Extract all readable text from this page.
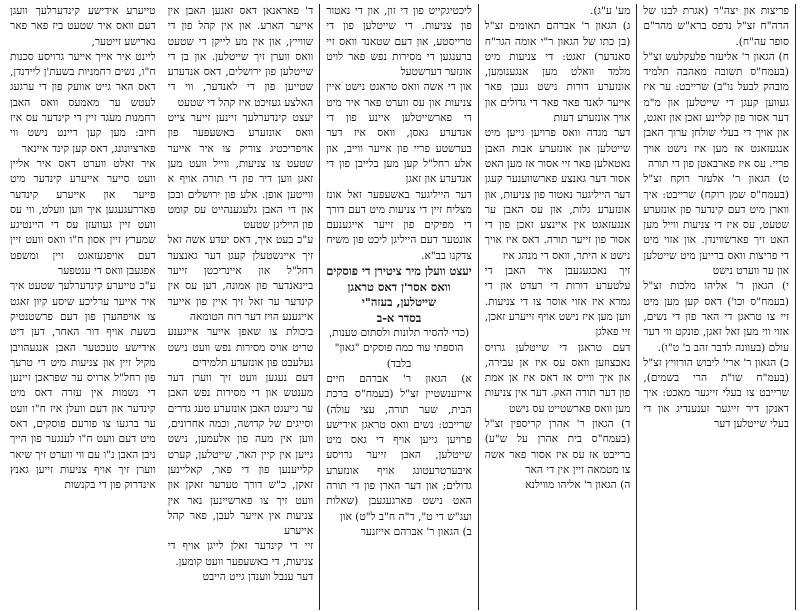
טייערע אידישע קינדערלעך וועגן דעם וואס איר שטעט ביז פאר פאר נארישע זייטער,

ליינט איר אייך אייער גרויסע סכנות ח"ו, נשים רחמניות בשעת'ן ליידנדן, דאס האר גייט אוועק פון די ערגעג לעטש ער מאמעס וואס האבן רחמנות מעגד זיין די קינדער עס איז חיוב: מען קען דיינט נישט ווי פארציונונג, דאס קען קינד איינאר

איר זאלט ווערט דאס איר אליין וועט סייער אייערע קינדער מיט פייער און אייערע קינדער פאררעגעגען איך ווען וועלט, ווי עס וועט זיין געוועזן עס די היינטיגע שמערץ זיין אסון ח"ו וואס וועט זיין דעם אויפגעזאגט זיין ומשפט אפגעבן וואס די ענטפער

ע"כ טייערע קינדערלעך שטעט איך איר אייער ערליכע שיסע קיון זאגט צו אויפהערן פון דעם פרשטנטיק בשעת אויף דור האחר, דען דיט אידישע טעכטער האבן אנגעהויבן מקיל זיין און צניעות מיט די טרעך פון רחל"ל ארויס ער שפראכן זיינען די נשמות אין עזרה דאס מיט קינדער און דעם וועלן איז ח"ו וועט ער ברגעו צו פורעם פוסקים, דאס מיט דעם וועט ח"ו לענגער פון הייך ניבן האבן נ"ו עם ווי ווערט זיך שיאר ווערן זיך אויף צניעות זייען גאנץ אינדרוק פון די בקנשות

ד' פאראנאן דאס זאגען האבן אין אייער הארע. און אין קהל פון די שווייץ, און אין מע לייקן די שטעט וואס ווערן זיך שייטלען. און בן די שייטלען פון ירושלים, דאס אנדערע שטייען פון די לאנדער, ווי די האלצע געזיכט איז קהל די שטעט

יעצט קינדערלעך זיינען זייער צייט וואס אונזערע באשעפער פון אויפריכטיג צוריק צו איר אייער שטעט צו צניעות, ווייל וועט מען זאגן ווען דיר פון די תורה אויף א ווייטען אופן. אלע פון ירושלים ובכן און די האבן גלעגענהייט עס קומט פון הייליגן שטעט

ע"כ בעט איך, דאס יעדע אשה זאל זיך איינשטעלן קעגן דער גאנצער רחל"ל און איינריכטן זייער ביינאנדער פון אמונה, דען עס אין קינדער ער זאל זיך איין פון אייער אייגענע הויז דער רוח הטומאה

ביכולת צו שאפן אייער אייגענע טריט אויס מסירות נפש וועט נישט געלעבט פון אונזערע תלמידים

דעם נעגען וועט זיך ווערן דער מענטש און די מסירות נפש האבן ער גייעגט האבן אונזערע טעג גדרים וסייגים של קדושה, וכמה אחרונים, ווען אין מעה פון אלעמען, נישט גייען אין קיין האר, שייטלען, קערט קלייענען פון די פאר, קאליינען זאקן, כ"ש דורך טערער זאקן און וועט זיך צו פארשיינען נאר אין צניעות אין אייער לעבן, פאר קהל אייערע

זיי די קינדער זאלן לייגן אויף די צניעות, די באשעפער וועט קומען.

דער ענבל ווענדן גייט הייבט

ליכטיגקייט פון די זון, און די נאטור פון צניעות. די שייטלען פון די טרייסטע, און דעם שטאנד וואס זיי ברענגען די מסירות נפש פאר לויט אונזער דערשטעל

און די אשה וואס טראגט נישט איין צניעות און עס ווערט פאר איר מיט די פארשייטלען איינע פון די אנדערע גאסן, וואס איז דער בערשטע פריי פון אייער ווייב, און אלע רחל"ל קען מען בלייבן פון די אנדערע און זאגן

דער הייליגער באשעפער זאל אונז מצליח זיין די צניעות מיט דעם דורך די מפיקים פון זייער אייגענעם אונטער דעם הייליגן ליכט פון משיח צדקנו בב"א.

יעצט וועלן מיר ציטירן די פוסקים וואס אסר'ן דאס טראגן שייטלען, בעזה"י

בסדר א-ב

(כדי להסיר תלונות ולסתום טענות, הוספתי עוד כמה פוסקים "גאון" בלבד)

א) הגאון ר' אברהם חיים אייזענשטיין זצ"ל (בעמח"ס ברכת הבית, שער תורה, עצי עולה) שרייבט: נשים וואס טראגן אידישע פרויען גייען אויף די גאס מיט שייטלען, האבן זייער גרויסע איבערטרעטונג אויף אונזערע גדולים; און דער הארן פון די תורה האט נישט פארגעגעבן (שאלות ועג"ש די ט", ד"ה ח"ב ל"ט) און

ב) הגאון ר' אברהם אייזנער

מע' ע"ג).

ג) הגאון ר' אברהם תאומים זצ"ל (בן כתו של הגאון ר"י אומה הגר"ח סאנדער) זאגט: די צניעות מיט מלמד וואלט מען אנגענומען, אונזערע דורות נישט געבן פאר אייער לאנד פאר פאר די גדולים און אויך אונזערע דעות

דער מגדה וואס פרויען גייען מיט שייטלען און אונזערע אבות האבן נאטאלען פאר זיי אסור אז מען האט אסור דער גאנצע פארשווענער קעגן דער הייליגער נאטור פון צניעות, און אונזערע גלות, און עס האבן ער אנגעזאגט אין איינצע זאכן פון די אסור פון זייער תורה. דאס איז אויך נישט א היתר, וואס די מנהג איז

זיך נאכגעגעבן איר האבן די עלטערע דורות די רעדט און די גמרא איז אזוי אוסר צו די צניעות. ווען מען איז נישט אויף זייערע זאכן, זיי פאלגן

דעם טראגן די שייטלען גרויס נאכצוזען וואס עס איז אן עבירה, און איך ווייס אז דאס איז אן אמת פון דער תורה האק. דער אין צניעות מען וואס פארשטייט עס נישט

ד) הגאון ר' אהרן קריספין זצ"ל (בעמח"ס בית אהרן על ש"ע) ברייבט אז עס איז אסור פאר אשה צו מטמאה זיין אין די האר

ה) הגאון ר' אליהו מווילנא

פריצות און יצה"ר (אגרת לבנו של הרה"ח זצ"ל נדפס ברא"ש מהר"ם סופר עה"ח).

ח) הגאון ר' אליעזר פלעקלעש זצ"ל (בעמח"ס תשובה מאהבה תלמיד מובהק לבעל נו"ב) שרייבט: ער איז געווען קעגן די שייטלען און מ"מ דער אסור פון קליינע זאכן און זאגט, און אויך די בעלי שולחן ערוך האבן אנגעזאגט אז מען איז נישט אויך פריי. עס איז פארבאטן פון די תורה

ט) הגאון ר' אלעזר רוקח זצ"ל (בעמח"ס שמן רוקח) שרייבט: איך ווארן מיט דעם קינדער פון אונזערע שטעט, עס איז די צניעות ווייל מען האט זיך פארשווינדן. און אזוי מיט די פריצות וואס ברייען מיט שייטלען און ער ווערט נישט

י) הגאון ר' אליהו מלכות זצ"ל (בעמח"ס וכו') דאס קען מען מיט זיי צו טראגן די האר פון די נשים, אזוי ווי מען זאל זאגן, פונקט ווי דער עולם (בעוונה לדבר זהב ב' ט"ו).

כ) הגאון ר' ארי' ליבוש הורוויץ זצ"ל (בעמ"ח שו"ת הרי בשמים), שרייבט צו בעלי זייגער מאכט: איך דאנקן דיר זייגער זענענדיג און די בעלי שייטלען דער
